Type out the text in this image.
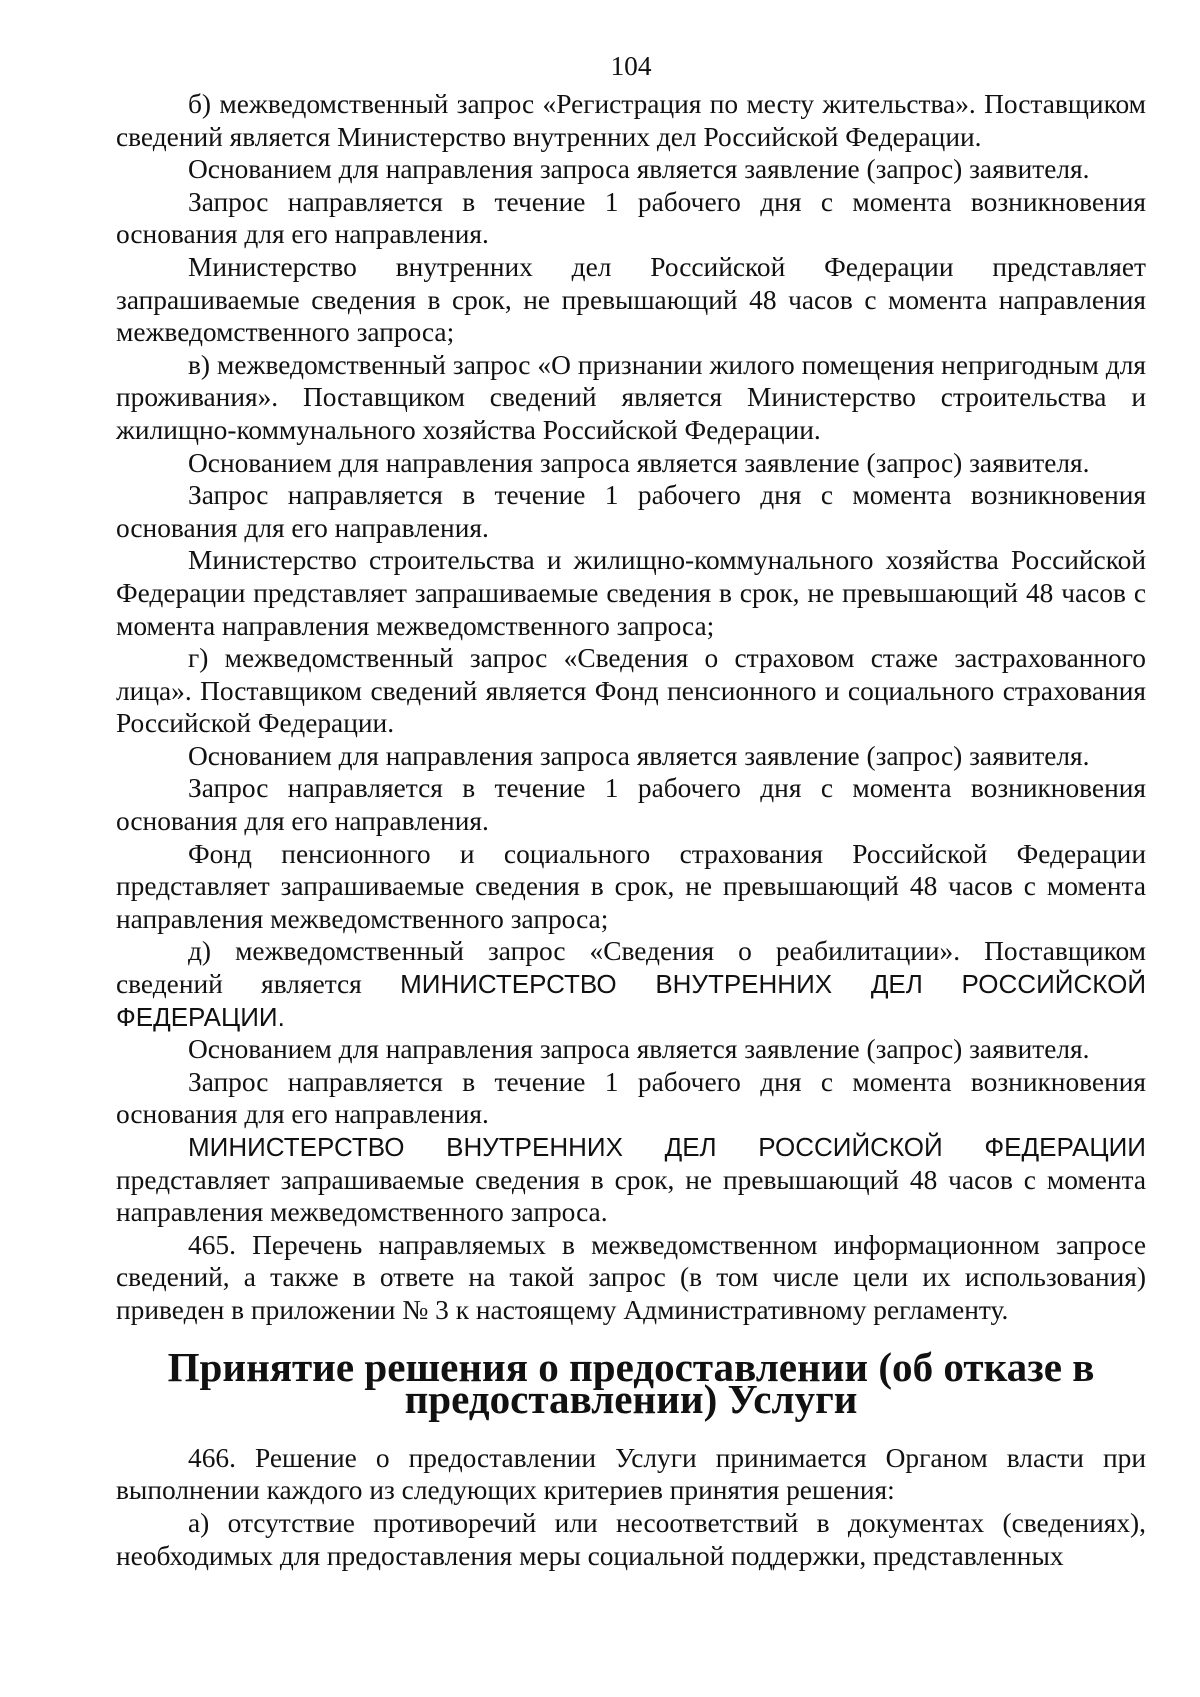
104

б) межведомственный запрос «Регистрация по месту жительства». Поставщиком сведений является Министерство внутренних дел Российской Федерации.

Основанием для направления запроса является заявление (запрос) заявителя.

Запрос направляется в течение 1 рабочего дня с момента возникновения основания для его направления.

Министерство внутренних дел Российской Федерации представляет запрашиваемые сведения в срок, не превышающий 48 часов с момента направления межведомственного запроса;

в) межведомственный запрос «О признании жилого помещения непригодным для проживания». Поставщиком сведений является Министерство строительства и жилищно-коммунального хозяйства Российской Федерации.

Основанием для направления запроса является заявление (запрос) заявителя.

Запрос направляется в течение 1 рабочего дня с момента возникновения основания для его направления.

Министерство строительства и жилищно-коммунального хозяйства Российской Федерации представляет запрашиваемые сведения в срок, не превышающий 48 часов с момента направления межведомственного запроса;

г) межведомственный запрос «Сведения о страховом стаже застрахованного лица». Поставщиком сведений является Фонд пенсионного и социального страхования Российской Федерации.

Основанием для направления запроса является заявление (запрос) заявителя.

Запрос направляется в течение 1 рабочего дня с момента возникновения основания для его направления.

Фонд пенсионного и социального страхования Российской Федерации представляет запрашиваемые сведения в срок, не превышающий 48 часов с момента направления межведомственного запроса;

д) межведомственный запрос «Сведения о реабилитации». Поставщиком сведений является МИНИСТЕРСТВО ВНУТРЕННИХ ДЕЛ РОССИЙСКОЙ ФЕДЕРАЦИИ.

Основанием для направления запроса является заявление (запрос) заявителя.

Запрос направляется в течение 1 рабочего дня с момента возникновения основания для его направления.

МИНИСТЕРСТВО ВНУТРЕННИХ ДЕЛ РОССИЙСКОЙ ФЕДЕРАЦИИ представляет запрашиваемые сведения в срок, не превышающий 48 часов с момента направления межведомственного запроса.

465. Перечень направляемых в межведомственном информационном запросе сведений, а также в ответе на такой запрос (в том числе цели их использования) приведен в приложении № 3 к настоящему Административному регламенту.

Принятие решения о предоставлении (об отказе в предоставлении) Услуги

466. Решение о предоставлении Услуги принимается Органом власти при выполнении каждого из следующих критериев принятия решения:

а) отсутствие противоречий или несоответствий в документах (сведениях), необходимых для предоставления меры социальной поддержки, представленных
